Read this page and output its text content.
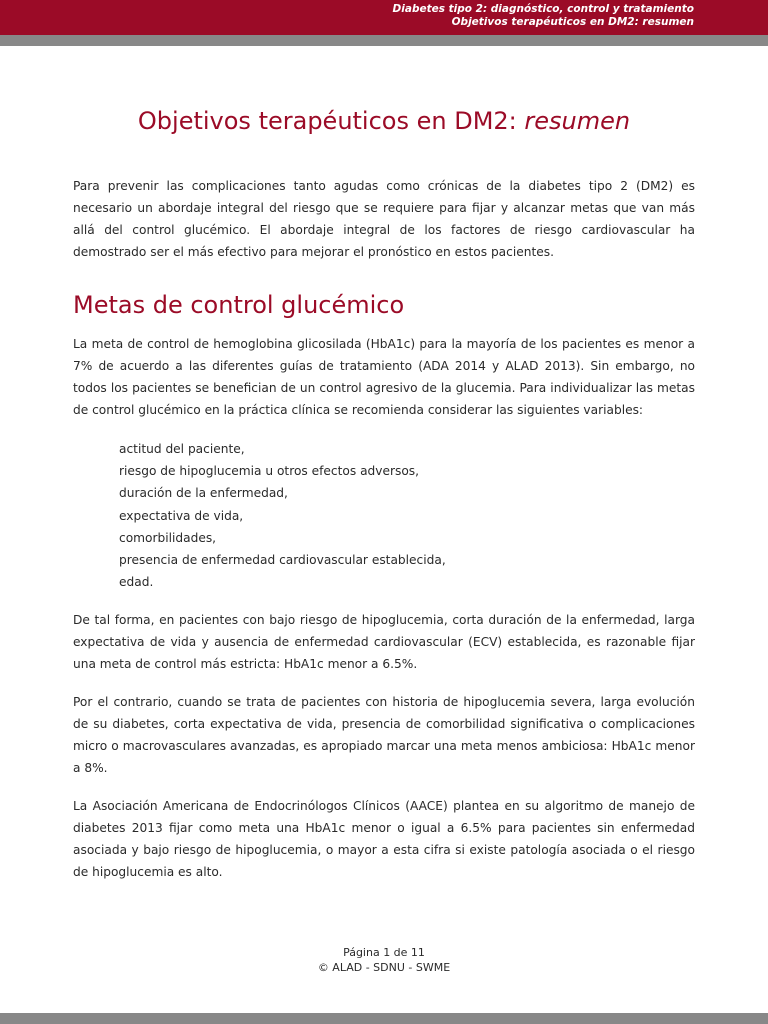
Diabetes tipo 2: diagnóstico, control y tratamiento
Objetivos terapéuticos en DM2: resumen
Objetivos terapéuticos en DM2: resumen

Para prevenir las complicaciones tanto agudas como crónicas de la diabetes tipo 2 (DM2) es necesario un abordaje integral del riesgo que se requiere para fijar y alcanzar metas que van más allá del control glucémico. El abordaje integral de los factores de riesgo cardiovascular ha demostrado ser el más efectivo para mejorar el pronóstico en estos pacientes.

Metas de control glucémico

La meta de control de hemoglobina glicosilada (HbA1c) para la mayoría de los pacientes es menor a 7% de acuerdo a las diferentes guías de tratamiento (ADA 2014 y ALAD 2013). Sin embargo, no todos los pacientes se benefician de un control agresivo de la glucemia. Para individualizar las metas de control glucémico en la práctica clínica se recomienda considerar las siguientes variables:

actitud del paciente,
riesgo de hipoglucemia u otros efectos adversos,
duración de la enfermedad,
expectativa de vida,
comorbilidades,
presencia de enfermedad cardiovascular establecida,
edad.

De tal forma, en pacientes con bajo riesgo de hipoglucemia, corta duración de la enfermedad, larga expectativa de vida y ausencia de enfermedad cardiovascular (ECV) establecida, es razonable fijar una meta de control más estricta: HbA1c menor a 6.5%.

Por el contrario, cuando se trata de pacientes con historia de hipoglucemia severa, larga evolución de su diabetes, corta expectativa de vida, presencia de comorbilidad significativa o complicaciones micro o macrovasculares avanzadas, es apropiado marcar una meta menos ambiciosa: HbA1c menor a 8%.

La Asociación Americana de Endocrinólogos Clínicos (AACE) plantea en su algoritmo de manejo de diabetes 2013 fijar como meta una HbA1c menor o igual a 6.5% para pacientes sin enfermedad asociada y bajo riesgo de hipoglucemia, o mayor a esta cifra si existe patología asociada o el riesgo de hipoglucemia es alto.

Página 1 de 11
© ALAD - SDNU - SWME
